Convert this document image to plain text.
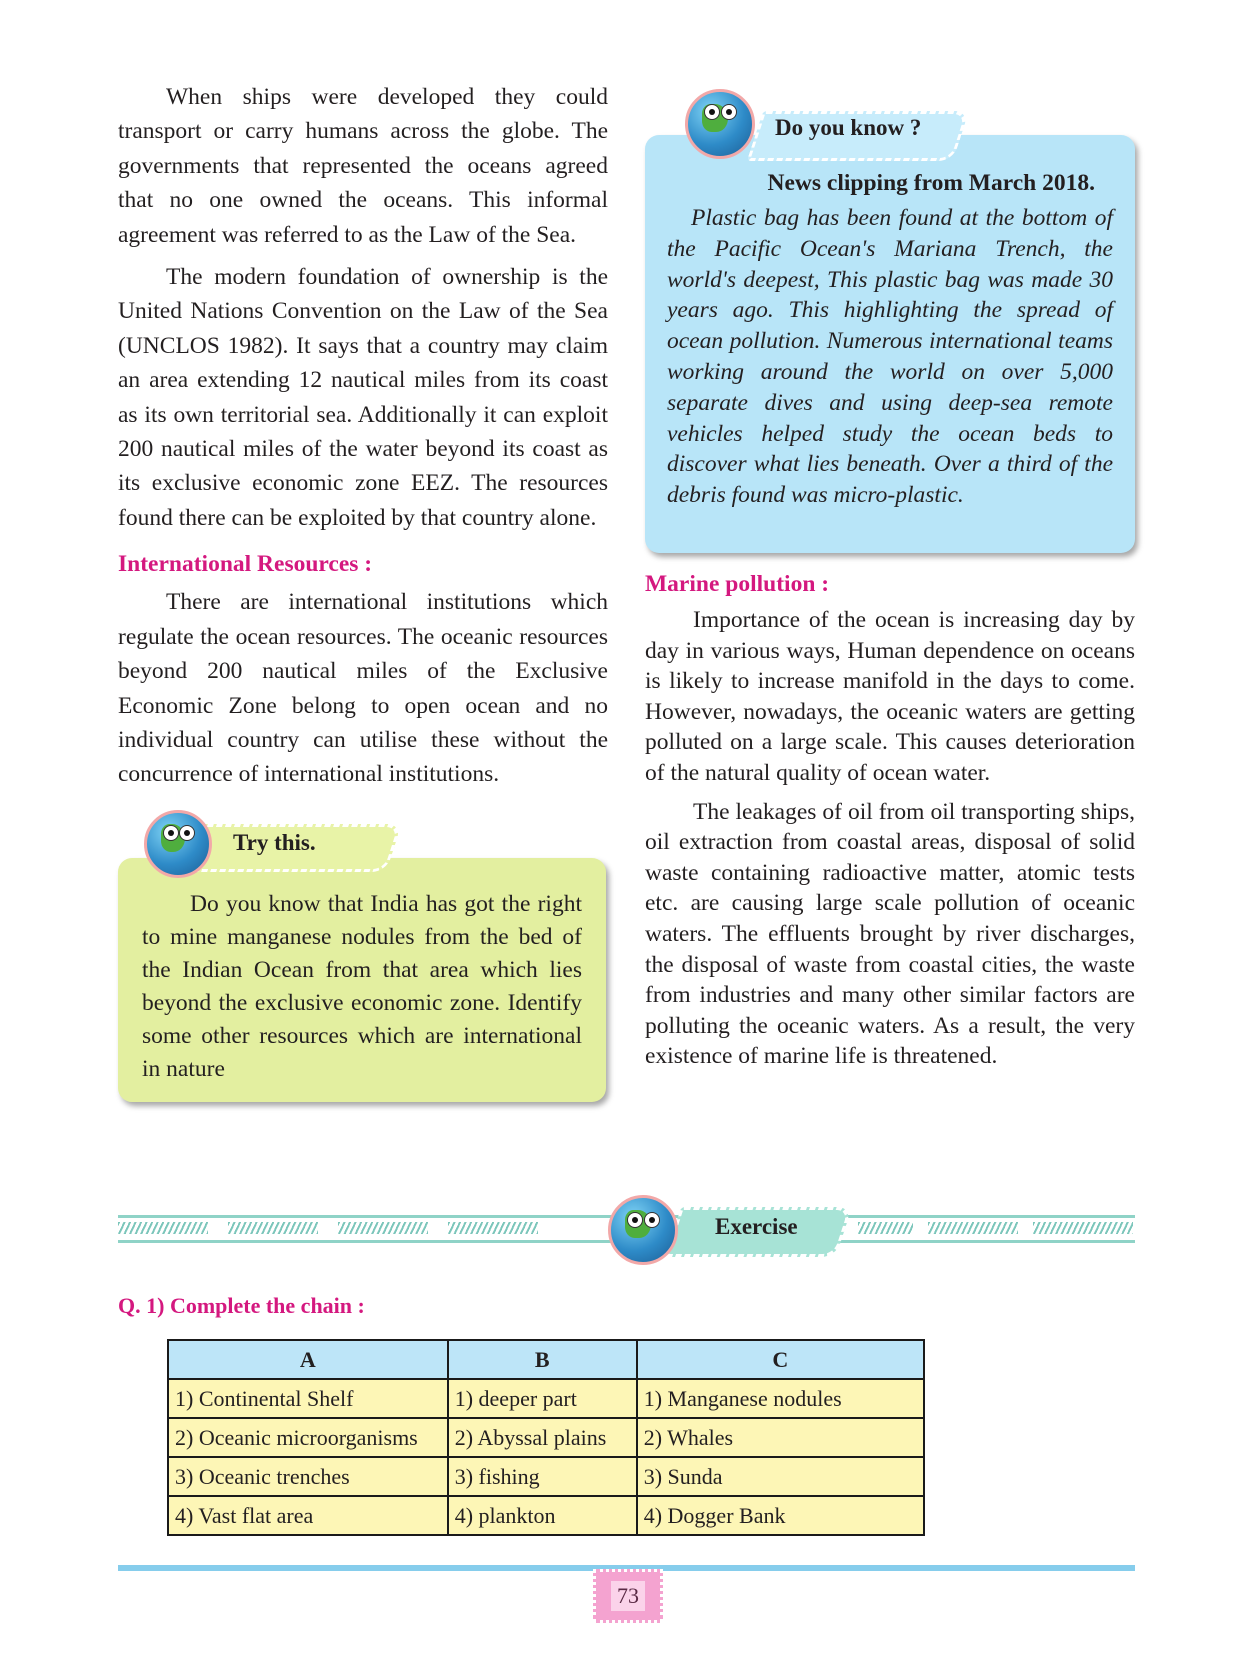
When ships were developed they could transport or carry humans across the globe. The governments that represented the oceans agreed that no one owned the oceans. This informal agreement was referred to as the Law of the Sea.

The modern foundation of ownership is the United Nations Convention on the Law of the Sea (UNCLOS 1982). It says that a country may claim an area extending 12 nautical miles from its coast as its own territorial sea. Additionally it can exploit 200 nautical miles of the water beyond its coast as its exclusive economic zone EEZ. The resources found there can be exploited by that country alone.

International Resources :

There are international institutions which regulate the ocean resources. The oceanic resources beyond 200 nautical miles of the Exclusive Economic Zone belong to open ocean and no individual country can utilise these without the concurrence of international institutions.

Try this.
Do you know that India has got the right to mine manganese nodules from the bed of the Indian Ocean from that area which lies beyond the exclusive economic zone. Identify some other resources which are international in nature
Do you know ?
News clipping from March 2018.
Plastic bag has been found at the bottom of the Pacific Ocean's Mariana Trench, the world's deepest, This plastic bag was made 30 years ago. This highlighting the spread of ocean pollution. Numerous international teams working around the world on over 5,000 separate dives and using deep-sea remote vehicles helped study the ocean beds to discover what lies beneath. Over a third of the debris found was micro-plastic.
Marine pollution :

Importance of the ocean is increasing day by day in various ways, Human dependence on oceans is likely to increase manifold in the days to come. However, nowadays, the oceanic waters are getting polluted on a large scale. This causes deterioration of the natural quality of ocean water.

The leakages of oil from oil transporting ships, oil extraction from coastal areas, disposal of solid waste containing radioactive matter, atomic tests etc. are causing large scale pollution of oceanic waters. The effluents brought by river discharges, the disposal of waste from coastal cities, the waste from industries and many other similar factors are polluting the oceanic waters. As a result, the very existence of marine life is threatened.

Exercise
Q. 1) Complete the chain :
A	B	C
1) Continental Shelf	1) deeper part	1) Manganese nodules
2) Oceanic microorganisms	2) Abyssal plains	2) Whales
3) Oceanic trenches	3) fishing	3) Sunda
4) Vast flat area	4) plankton	4) Dogger Bank
73
